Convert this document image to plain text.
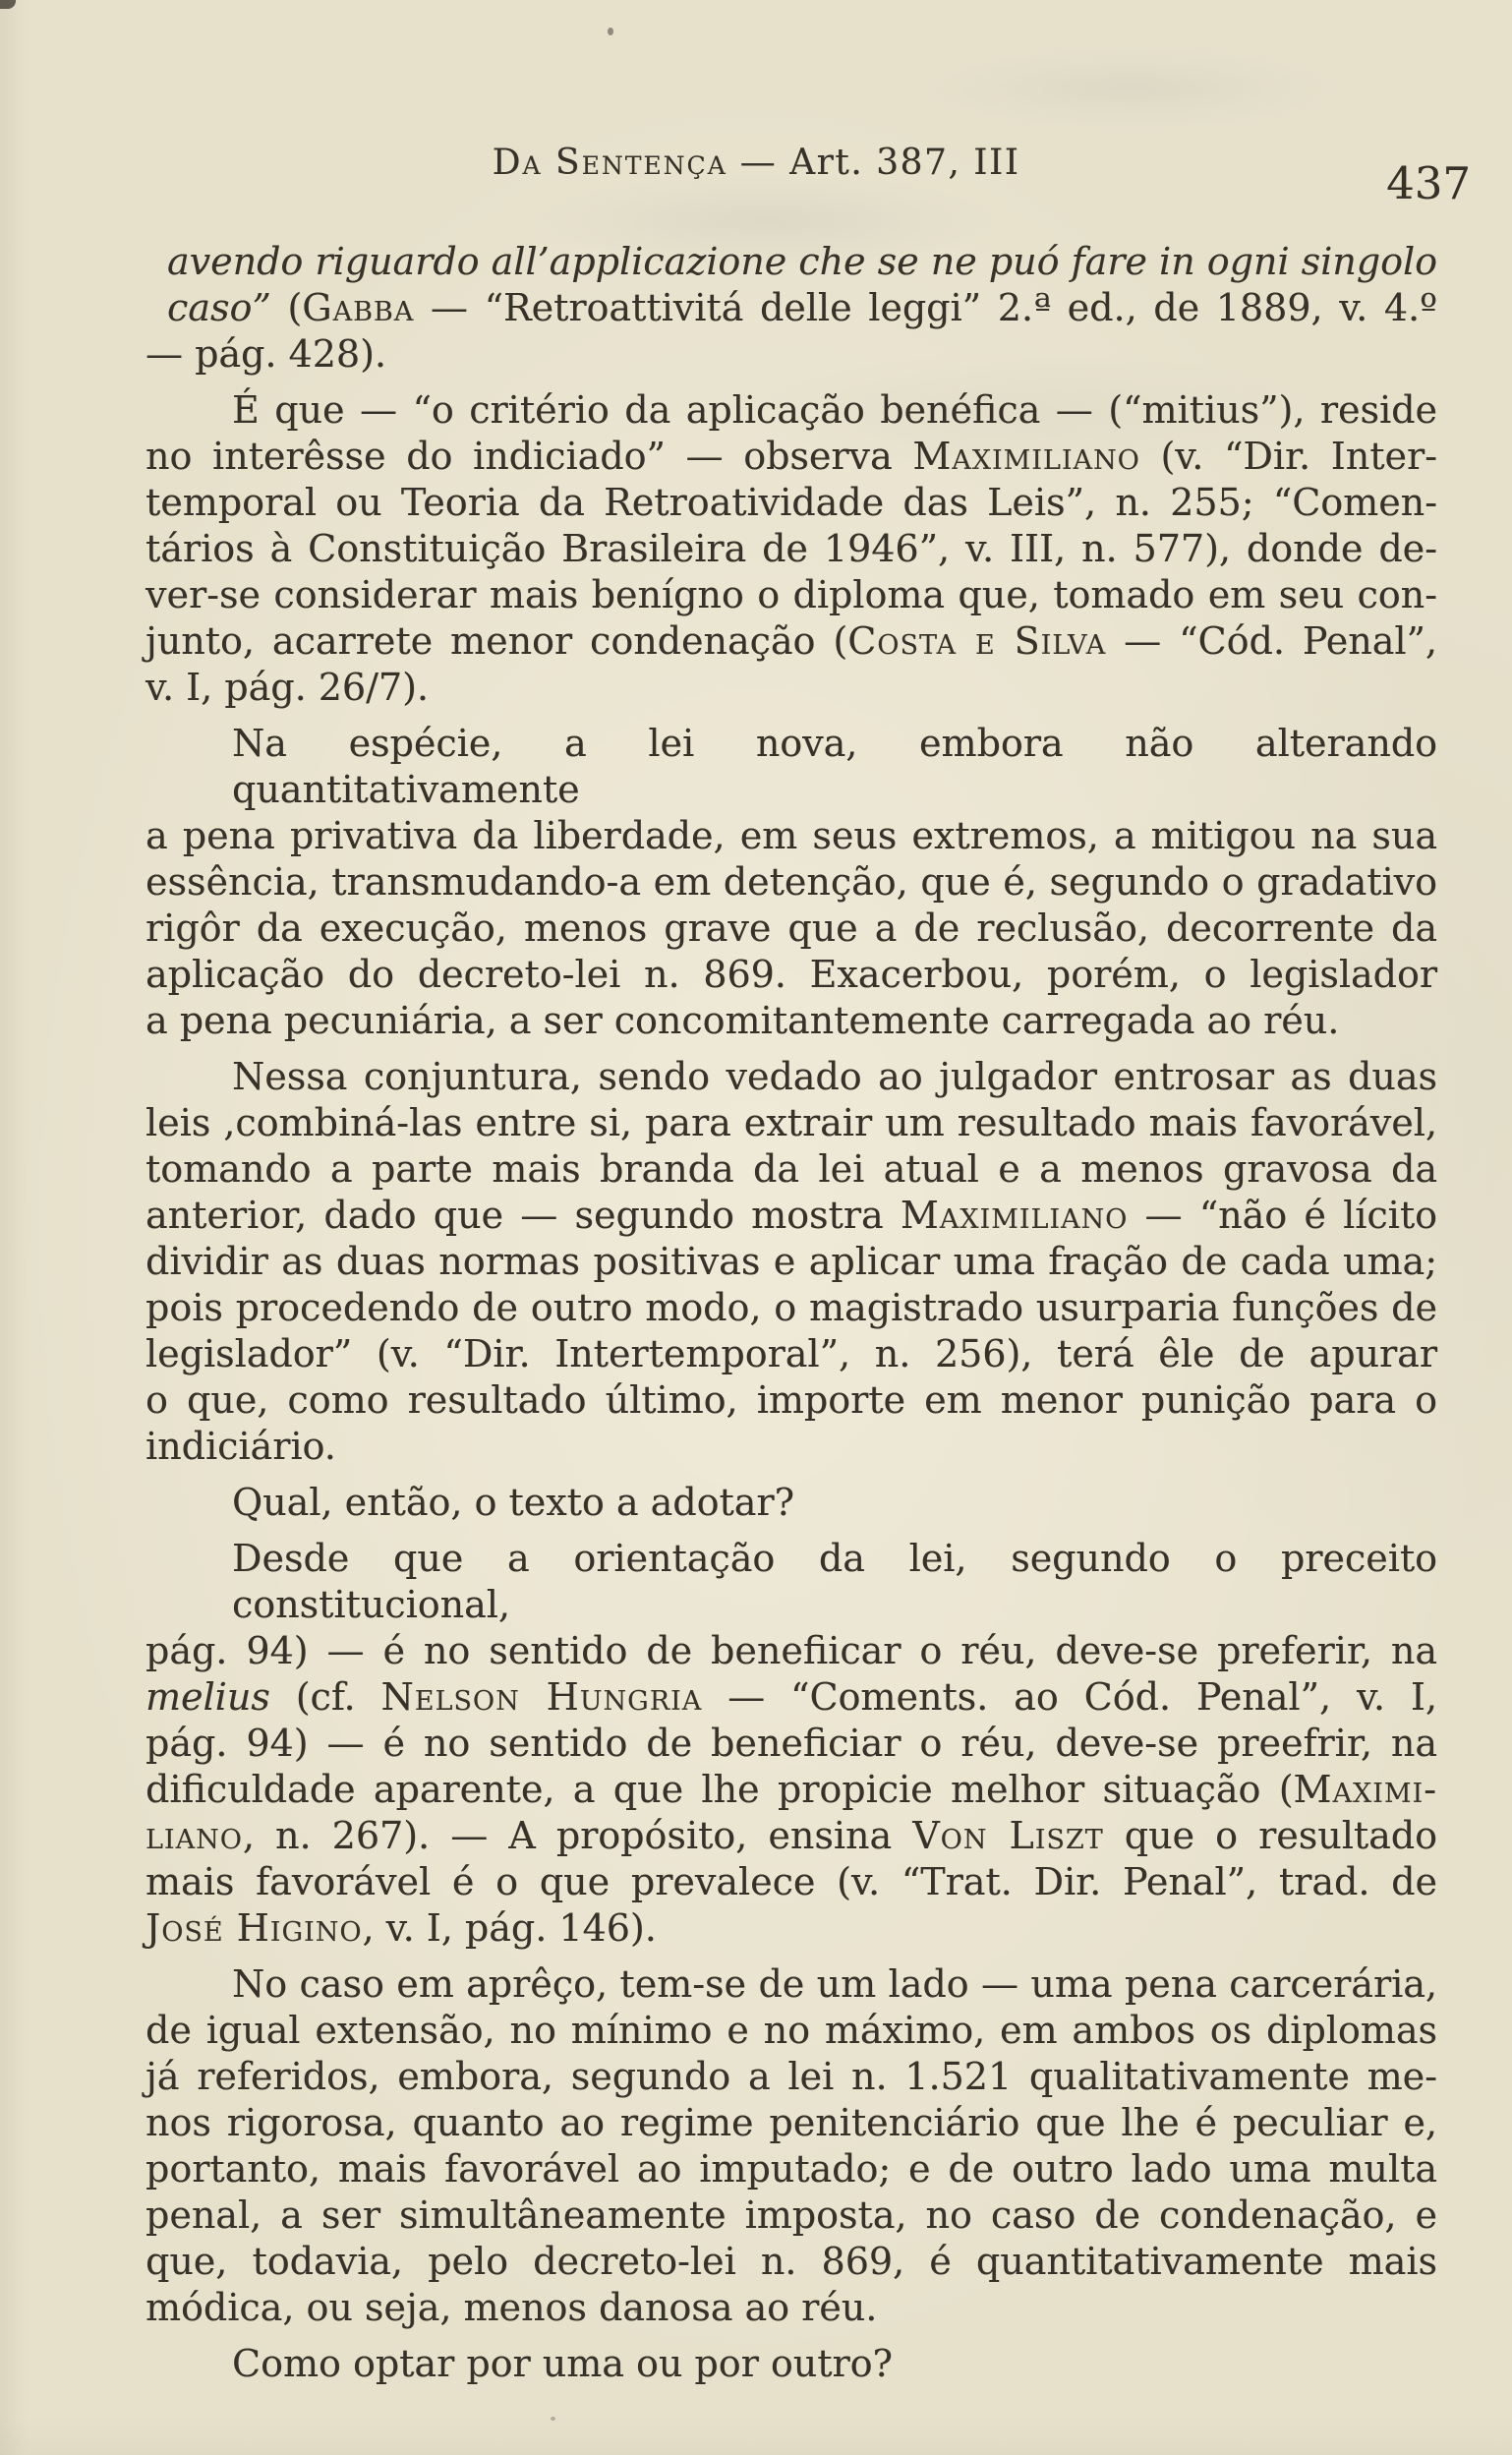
Da Sentença — Art. 387, III	437
avendo riguardo all’applicazione che se ne puó fare in ogni singolo
caso” (Gabba — “Retroattivitá delle leggi” 2.ª ed., de 1889, v. 4.º
— pág. 428).
É que — “o critério da aplicação benéfica — (“mitius”), reside
no interêsse do indiciado” — observa Maximiliano (v. “Dir. Inter-
temporal ou Teoria da Retroatividade das Leis”, n. 255; “Comen-
tários à Constituição Brasileira de 1946”, v. III, n. 577), donde de-
ver-se considerar mais benígno o diploma que, tomado em seu con-
junto, acarrete menor condenação (Costa e Silva — “Cód. Penal”,
v. I, pág. 26/7).
Na espécie, a lei nova, embora não alterando quantitativamente
a pena privativa da liberdade, em seus extremos, a mitigou na sua
essência, transmudando-a em detenção, que é, segundo o gradativo
rigôr da execução, menos grave que a de reclusão, decorrente da
aplicação do decreto-lei n. 869. Exacerbou, porém, o legislador
a pena pecuniária, a ser concomitantemente carregada ao réu.
Nessa conjuntura, sendo vedado ao julgador entrosar as duas
leis ,combiná-las entre si, para extrair um resultado mais favorável,
tomando a parte mais branda da lei atual e a menos gravosa da
anterior, dado que — segundo mostra Maximiliano — “não é lícito
dividir as duas normas positivas e aplicar uma fração de cada uma;
pois procedendo de outro modo, o magistrado usurparia funções de
legislador” (v. “Dir. Intertemporal”, n. 256), terá êle de apurar
o que, como resultado último, importe em menor punição para o
indiciário.
Qual, então, o texto a adotar?
Desde que a orientação da lei, segundo o preceito constitucional,
pág. 94) — é no sentido de benefiicar o réu, deve-se preferir, na
melius (cf. Nelson Hungria — “Coments. ao Cód. Penal”, v. I,
pág. 94) — é no sentido de beneficiar o réu, deve-se preefrir, na
dificuldade aparente, a que lhe propicie melhor situação (Maximi-
liano, n. 267). — A propósito, ensina Von Liszt que o resultado
mais favorável é o que prevalece (v. “Trat. Dir. Penal”, trad. de
José Higino, v. I, pág. 146).
No caso em aprêço, tem-se de um lado — uma pena carcerária,
de igual extensão, no mínimo e no máximo, em ambos os diplomas
já referidos, embora, segundo a lei n. 1.521 qualitativamente me-
nos rigorosa, quanto ao regime penitenciário que lhe é peculiar e,
portanto, mais favorável ao imputado; e de outro lado uma multa
penal, a ser simultâneamente imposta, no caso de condenação, e
que, todavia, pelo decreto-lei n. 869, é quantitativamente mais
módica, ou seja, menos danosa ao réu.
Como optar por uma ou por outro?
